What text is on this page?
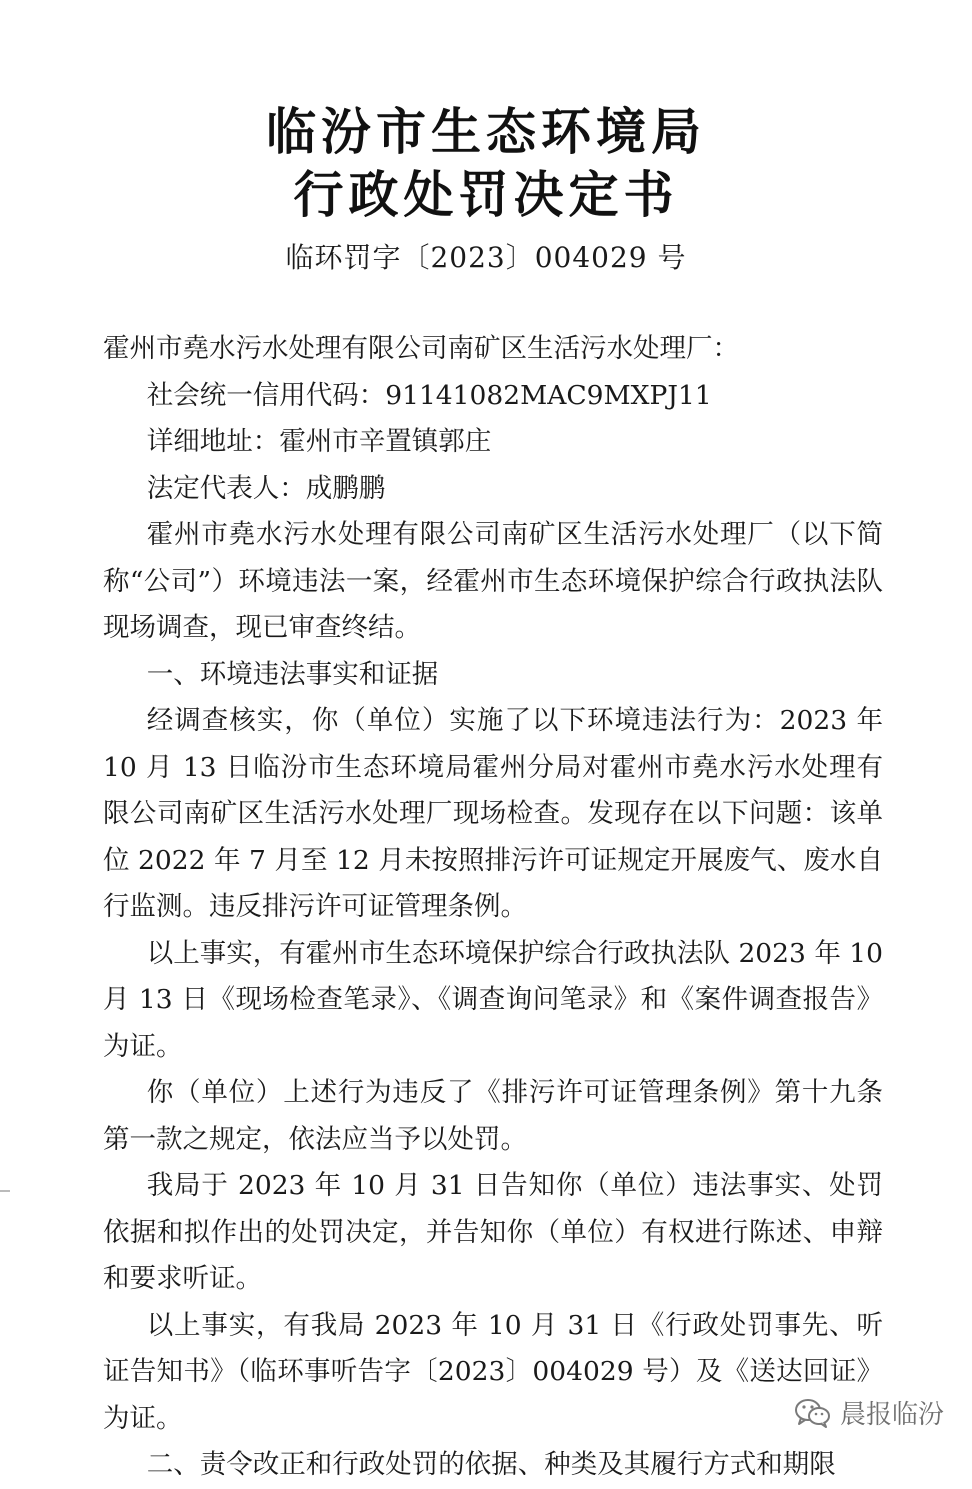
临汾市生态环境局
行政处罚决定书
临环罚字〔2023〕004029 号

霍州市堯水污水处理有限公司南矿区生活污水处理厂：

社会统一信用代码：91141082MAC9MXPJ11

详细地址：霍州市辛置镇郭庄

法定代表人：成鹏鹏

霍州市堯水污水处理有限公司南矿区生活污水处理厂（以下简称“公司”）环境违法一案，经霍州市生态环境保护综合行政执法队现场调查，现已审查终结。

一、环境违法事实和证据

经调查核实，你（单位）实施了以下环境违法行为：2023 年 10 月 13 日临汾市生态环境局霍州分局对霍州市堯水污水处理有限公司南矿区生活污水处理厂现场检查。发现存在以下问题：该单位 2022 年 7 月至 12 月未按照排污许可证规定开展废气、废水自行监测。违反排污许可证管理条例。

以上事实，有霍州市生态环境保护综合行政执法队 2023 年 10 月 13 日《现场检查笔录》、《调查询问笔录》和《案件调查报告》为证。

你（单位）上述行为违反了《排污许可证管理条例》第十九条第一款之规定，依法应当予以处罚。

我局于 2023 年 10 月 31 日告知你（单位）违法事实、处罚依据和拟作出的处罚决定，并告知你（单位）有权进行陈述、申辩和要求听证。

以上事实，有我局 2023 年 10 月 31 日《行政处罚事先、听证告知书》（临环事听告字〔2023〕004029 号）及《送达回证》为证。

二、责令改正和行政处罚的依据、种类及其履行方式和期限

晨报临汾
